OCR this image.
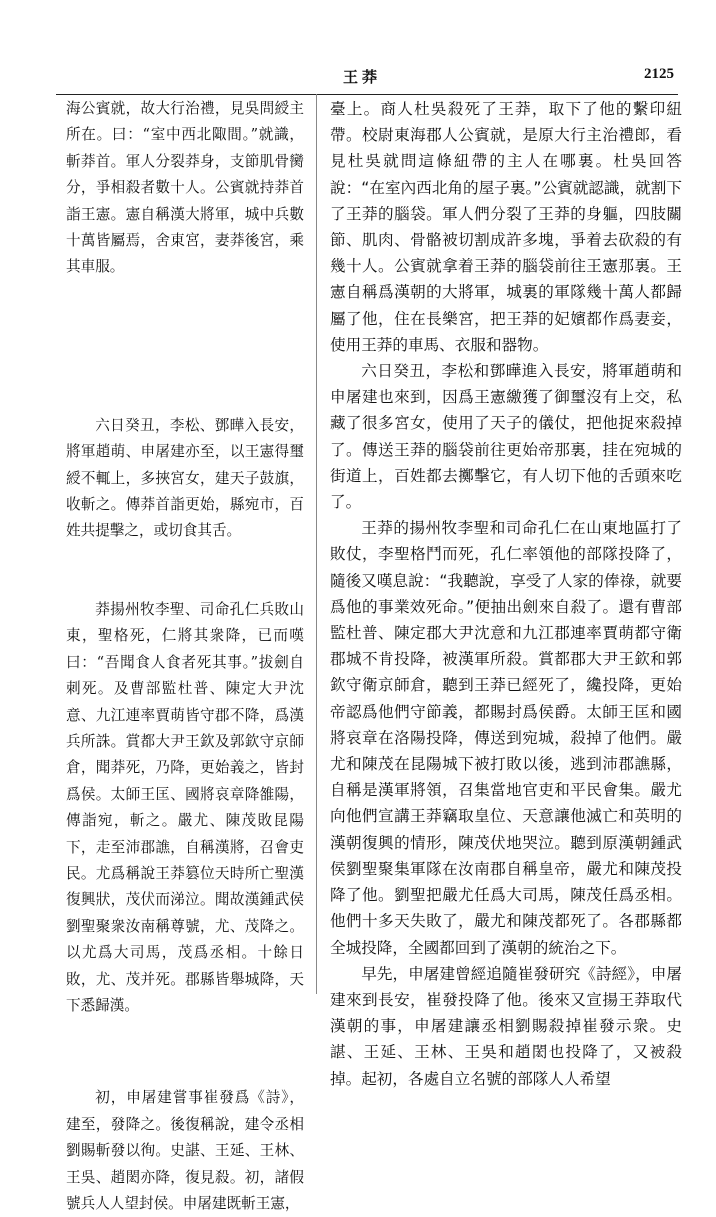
王莽	2125

海公賓就，故大行治禮，見吳問綬主所在。曰：“室中西北陬間。”就識，斬莽首。軍人分裂莽身，支節肌骨臠分，爭相殺者數十人。公賓就持莽首詣王憲。憲自稱漢大將軍，城中兵數十萬皆屬焉，舍東宮，妻莽後宮，乘其車服。

六日癸丑，李松、鄧曄入長安，將軍趙萌、申屠建亦至，以王憲得璽綬不輒上，多挾宮女，建天子鼓旗，收斬之。傳莽首詣更始，縣宛市，百姓共提擊之，或切食其舌。

莽揚州牧李聖、司命孔仁兵敗山東，聖格死，仁將其衆降，已而嘆曰：“吾聞食人食者死其事。”拔劍自刺死。及曹部監杜普、陳定大尹沈意、九江連率賈萌皆守郡不降，爲漢兵所誅。賞都大尹王欽及郭欽守京師倉，聞莽死，乃降，更始義之，皆封爲侯。太師王匡、國將哀章降雒陽，傳詣宛，斬之。嚴尤、陳茂敗昆陽下，走至沛郡譙，自稱漢將，召會吏民。尤爲稱說王莽篡位天時所亡聖漢復興狀，茂伏而涕泣。聞故漢鍾武侯劉聖聚衆汝南稱尊號，尤、茂降之。以尤爲大司馬，茂爲丞相。十餘日敗，尤、茂并死。郡縣皆舉城降，天下悉歸漢。

初，申屠建嘗事崔發爲《詩》，建至，發降之。後復稱說，建令丞相劉賜斬發以徇。史諶、王延、王林、王吳、趙閎亦降，復見殺。初，諸假號兵人人望封侯。申屠建既斬王憲，

臺上。商人杜吳殺死了王莽，取下了他的繫印紐帶。校尉東海郡人公賓就，是原大行主治禮郎，看見杜吳就問這條紐帶的主人在哪裏。杜吳回答說：“在室內西北角的屋子裏。”公賓就認識，就割下了王莽的腦袋。軍人們分裂了王莽的身軀，四肢關節、肌肉、骨骼被切割成許多塊，爭着去砍殺的有幾十人。公賓就拿着王莽的腦袋前往王憲那裏。王憲自稱爲漢朝的大將軍，城裏的軍隊幾十萬人都歸屬了他，住在長樂宮，把王莽的妃嬪都作爲妻妾，使用王莽的車馬、衣服和器物。

六日癸丑，李松和鄧曄進入長安，將軍趙萌和申屠建也來到，因爲王憲繳獲了御璽沒有上交，私藏了很多宮女，使用了天子的儀仗，把他捉來殺掉了。傳送王莽的腦袋前往更始帝那裏，挂在宛城的街道上，百姓都去擲擊它，有人切下他的舌頭來吃了。

王莽的揚州牧李聖和司命孔仁在山東地區打了敗仗，李聖格鬥而死，孔仁率領他的部隊投降了，隨後又嘆息說：“我聽說，享受了人家的俸祿，就要爲他的事業效死命。”便抽出劍來自殺了。還有曹部監杜普、陳定郡大尹沈意和九江郡連率賈萌都守衛郡城不肯投降，被漢軍所殺。賞都郡大尹王欽和郭欽守衛京師倉，聽到王莽已經死了，纔投降，更始帝認爲他們守節義，都賜封爲侯爵。太師王匡和國將哀章在洛陽投降，傳送到宛城，殺掉了他們。嚴尤和陳茂在昆陽城下被打敗以後，逃到沛郡譙縣，自稱是漢軍將領，召集當地官吏和平民會集。嚴尤向他們宣講王莽竊取皇位、天意讓他滅亡和英明的漢朝復興的情形，陳茂伏地哭泣。聽到原漢朝鍾武侯劉聖聚集軍隊在汝南郡自稱皇帝，嚴尤和陳茂投降了他。劉聖把嚴尤任爲大司馬，陳茂任爲丞相。他們十多天失敗了，嚴尤和陳茂都死了。各郡縣都全城投降，全國都回到了漢朝的統治之下。

早先，申屠建曾經追隨崔發研究《詩經》，申屠建來到長安，崔發投降了他。後來又宣揚王莽取代漢朝的事，申屠建讓丞相劉賜殺掉崔發示衆。史諶、王延、王林、王吳和趙閎也投降了，又被殺掉。起初，各處自立名號的部隊人人希望
